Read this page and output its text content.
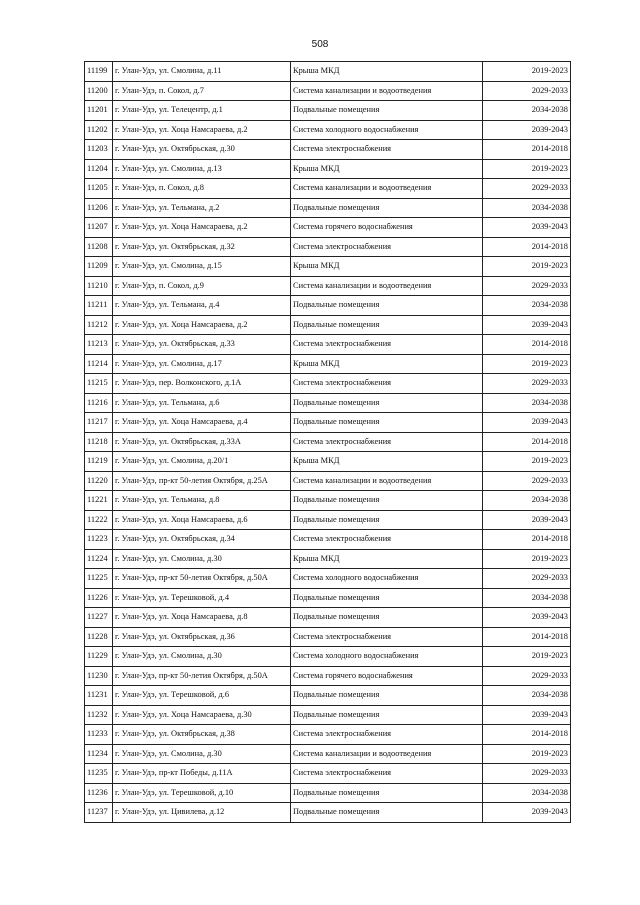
508
11199	г. Улан-Удэ, ул. Смолина, д.11	Крыша МКД	2019-2023
11200	г. Улан-Удэ, п. Сокол, д.7	Система канализации и водоотведения	2029-2033
11201	г. Улан-Удэ, ул. Телецентр, д.1	Подвальные помещения	2034-2038
11202	г. Улан-Удэ, ул. Хоца Намсараева, д.2	Система холодного водоснабжения	2039-2043
11203	г. Улан-Удэ, ул. Октябрьская, д.30	Система электроснабжения	2014-2018
11204	г. Улан-Удэ, ул. Смолина, д.13	Крыша МКД	2019-2023
11205	г. Улан-Удэ, п. Сокол, д.8	Система канализации и водоотведения	2029-2033
11206	г. Улан-Удэ, ул. Тельмана, д.2	Подвальные помещения	2034-2038
11207	г. Улан-Удэ, ул. Хоца Намсараева, д.2	Система горячего водоснабжения	2039-2043
11208	г. Улан-Удэ, ул. Октябрьская, д.32	Система электроснабжения	2014-2018
11209	г. Улан-Удэ, ул. Смолина, д.15	Крыша МКД	2019-2023
11210	г. Улан-Удэ, п. Сокол, д.9	Система канализации и водоотведения	2029-2033
11211	г. Улан-Удэ, ул. Тельмана, д.4	Подвальные помещения	2034-2038
11212	г. Улан-Удэ, ул. Хоца Намсараева, д.2	Подвальные помещения	2039-2043
11213	г. Улан-Удэ, ул. Октябрьская, д.33	Система электроснабжения	2014-2018
11214	г. Улан-Удэ, ул. Смолина, д.17	Крыша МКД	2019-2023
11215	г. Улан-Удэ, пер. Волконского, д.1А	Система электроснабжения	2029-2033
11216	г. Улан-Удэ, ул. Тельмана, д.6	Подвальные помещения	2034-2038
11217	г. Улан-Удэ, ул. Хоца Намсараева, д.4	Подвальные помещения	2039-2043
11218	г. Улан-Удэ, ул. Октябрьская, д.33А	Система электроснабжения	2014-2018
11219	г. Улан-Удэ, ул. Смолина, д.20/1	Крыша МКД	2019-2023
11220	г. Улан-Удэ, пр-кт 50-летия Октября, д.25А	Система канализации и водоотведения	2029-2033
11221	г. Улан-Удэ, ул. Тельмана, д.8	Подвальные помещения	2034-2038
11222	г. Улан-Удэ, ул. Хоца Намсараева, д.6	Подвальные помещения	2039-2043
11223	г. Улан-Удэ, ул. Октябрьская, д.34	Система электроснабжения	2014-2018
11224	г. Улан-Удэ, ул. Смолина, д.30	Крыша МКД	2019-2023
11225	г. Улан-Удэ, пр-кт 50-летия Октября, д.50А	Система холодного водоснабжения	2029-2033
11226	г. Улан-Удэ, ул. Терешковой, д.4	Подвальные помещения	2034-2038
11227	г. Улан-Удэ, ул. Хоца Намсараева, д.8	Подвальные помещения	2039-2043
11228	г. Улан-Удэ, ул. Октябрьская, д.36	Система электроснабжения	2014-2018
11229	г. Улан-Удэ, ул. Смолина, д.30	Система холодного водоснабжения	2019-2023
11230	г. Улан-Удэ, пр-кт 50-летия Октября, д.50А	Система горячего водоснабжения	2029-2033
11231	г. Улан-Удэ, ул. Терешковой, д.6	Подвальные помещения	2034-2038
11232	г. Улан-Удэ, ул. Хоца Намсараева, д.30	Подвальные помещения	2039-2043
11233	г. Улан-Удэ, ул. Октябрьская, д.38	Система электроснабжения	2014-2018
11234	г. Улан-Удэ, ул. Смолина, д.30	Система канализации и водоотведения	2019-2023
11235	г. Улан-Удэ, пр-кт Победы, д.11А	Система электроснабжения	2029-2033
11236	г. Улан-Удэ, ул. Терешковой, д.10	Подвальные помещения	2034-2038
11237	г. Улан-Удэ, ул. Цивилева, д.12	Подвальные помещения	2039-2043
